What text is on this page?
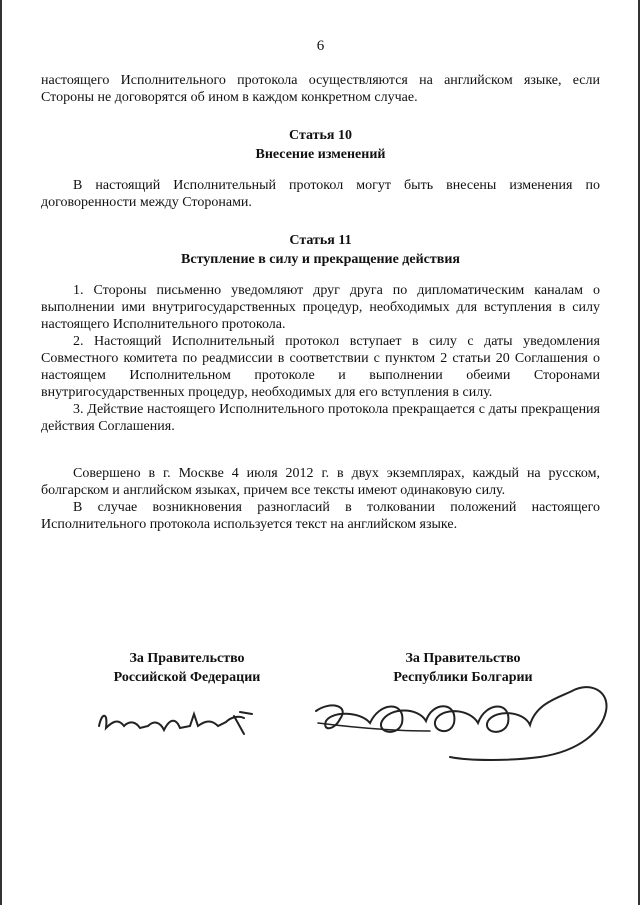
6

настоящего Исполнительного протокола осуществляются на английском языке, если Стороны не договорятся об ином в каждом конкретном случае.

Статья 10
Внесение изменений

В настоящий Исполнительный протокол могут быть внесены изменения по договоренности между Сторонами.

Статья 11
Вступление в силу и прекращение действия

1. Стороны письменно уведомляют друг друга по дипломатическим каналам о выполнении ими внутригосударственных процедур, необходимых для вступления в силу настоящего Исполнительного протокола.

2. Настоящий Исполнительный протокол вступает в силу с даты уведомления Совместного комитета по реадмиссии в соответствии с пунктом 2 статьи 20 Соглашения о настоящем Исполнительном протоколе и выполнении обеими Сторонами внутригосударственных процедур, необходимых для его вступления в силу.

3. Действие настоящего Исполнительного протокола прекращается с даты прекращения действия Соглашения.

Совершено в г. Москве 4 июля 2012 г. в двух экземплярах, каждый на русском, болгарском и английском языках, причем все тексты имеют одинаковую силу.

В случае возникновения разногласий в толковании положений настоящего Исполнительного протокола используется текст на английском языке.

За Правительство
Российской Федерации
За Правительство
Республики Болгарии
